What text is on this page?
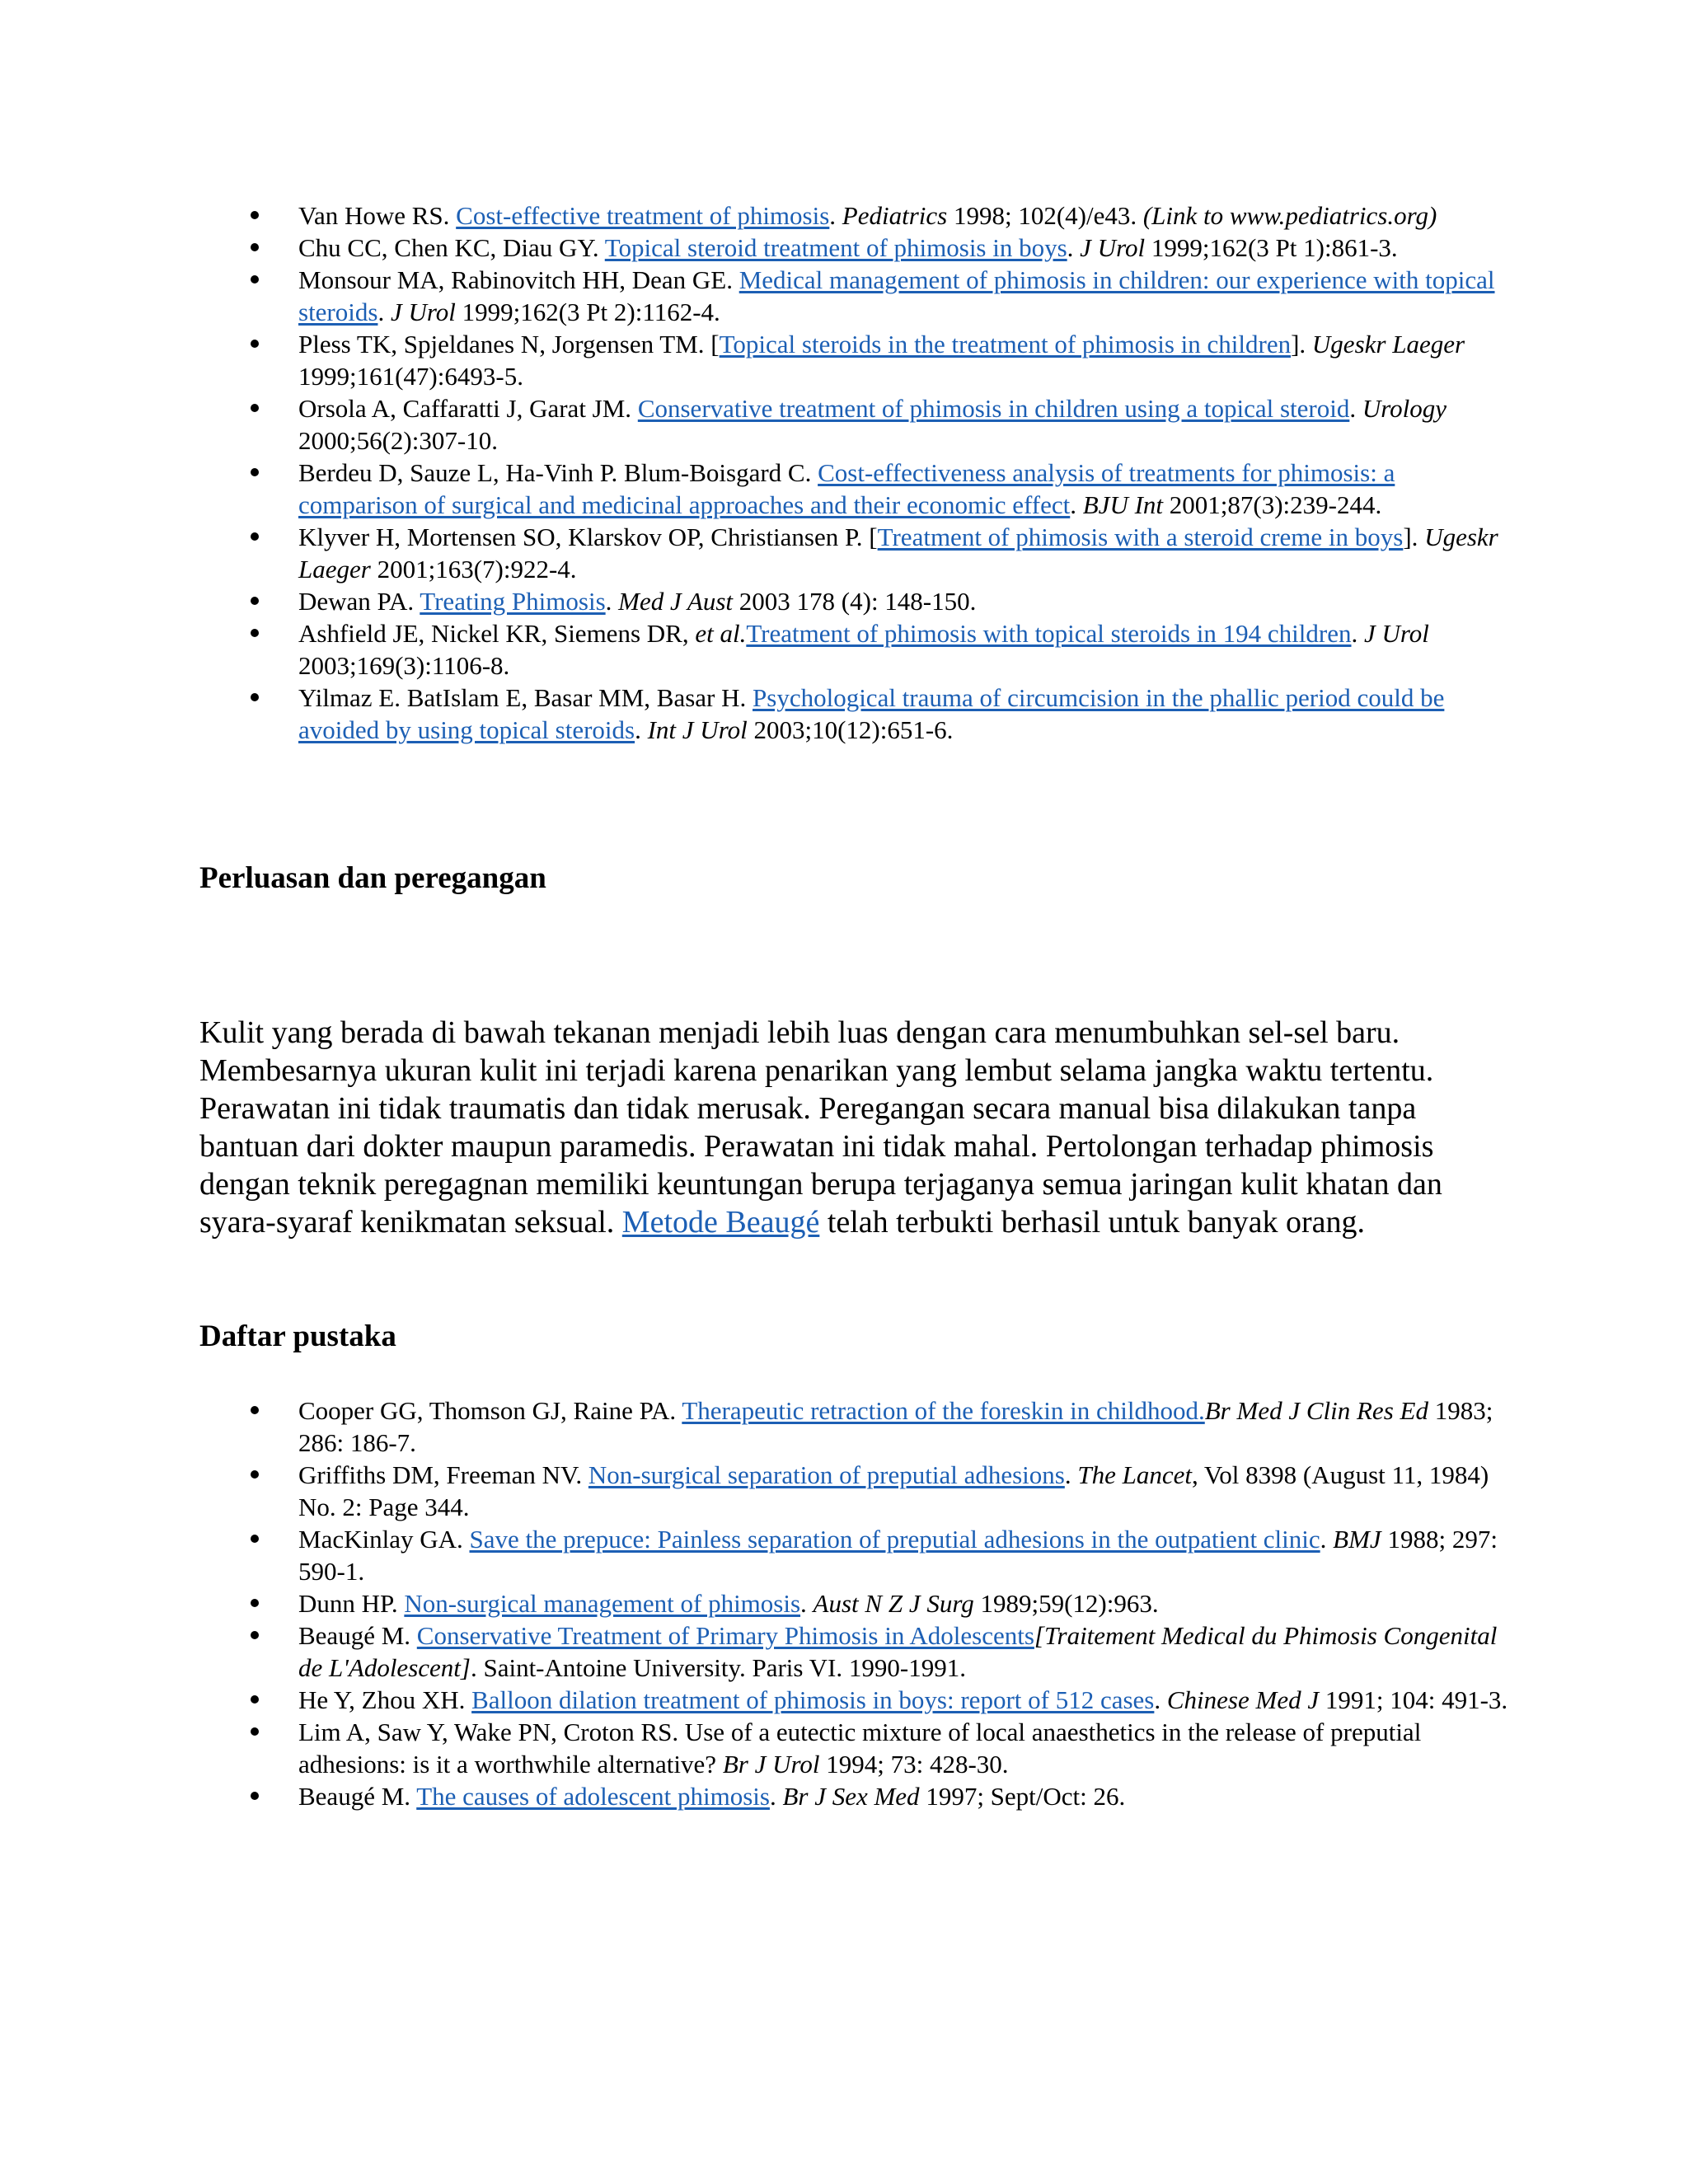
Van Howe RS. Cost-effective treatment of phimosis. Pediatrics 1998; 102(4)/e43. (Link to www.pediatrics.org)
Chu CC, Chen KC, Diau GY. Topical steroid treatment of phimosis in boys. J Urol 1999;162(3 Pt 1):861-3.
Monsour MA, Rabinovitch HH, Dean GE. Medical management of phimosis in children: our experience with topical steroids. J Urol 1999;162(3 Pt 2):1162-4.
Pless TK, Spjeldanes N, Jorgensen TM. [Topical steroids in the treatment of phimosis in children]. Ugeskr Laeger 1999;161(47):6493-5.
Orsola A, Caffaratti J, Garat JM. Conservative treatment of phimosis in children using a topical steroid. Urology 2000;56(2):307-10.
Berdeu D, Sauze L, Ha-Vinh P. Blum-Boisgard C. Cost-effectiveness analysis of treatments for phimosis: a comparison of surgical and medicinal approaches and their economic effect. BJU Int 2001;87(3):239-244.
Klyver H, Mortensen SO, Klarskov OP, Christiansen P. [Treatment of phimosis with a steroid creme in boys]. Ugeskr Laeger 2001;163(7):922-4.
Dewan PA. Treating Phimosis. Med J Aust 2003 178 (4): 148-150.
Ashfield JE, Nickel KR, Siemens DR, et al.Treatment of phimosis with topical steroids in 194 children. J Urol 2003;169(3):1106-8.
Yilmaz E. BatIslam E, Basar MM, Basar H. Psychological trauma of circumcision in the phallic period could be avoided by using topical steroids. Int J Urol 2003;10(12):651-6.
Perluasan dan peregangan

Kulit yang berada di bawah tekanan menjadi lebih luas dengan cara menumbuhkan sel-sel baru. Membesarnya ukuran kulit ini terjadi karena penarikan yang lembut selama jangka waktu tertentu. Perawatan ini tidak traumatis dan tidak merusak. Peregangan secara manual bisa dilakukan tanpa bantuan dari dokter maupun paramedis. Perawatan ini tidak mahal. Pertolongan terhadap phimosis dengan teknik peregagnan memiliki keuntungan berupa terjaganya semua jaringan kulit khatan dan syara-syaraf kenikmatan seksual. Metode Beaugé telah terbukti berhasil untuk banyak orang.

Daftar pustaka
Cooper GG, Thomson GJ, Raine PA. Therapeutic retraction of the foreskin in childhood.Br Med J Clin Res Ed 1983; 286: 186-7.
Griffiths DM, Freeman NV. Non-surgical separation of preputial adhesions. The Lancet, Vol 8398 (August 11, 1984) No. 2: Page 344.
MacKinlay GA. Save the prepuce: Painless separation of preputial adhesions in the outpatient clinic. BMJ 1988; 297: 590-1.
Dunn HP. Non-surgical management of phimosis. Aust N Z J Surg 1989;59(12):963.
Beaugé M. Conservative Treatment of Primary Phimosis in Adolescents[Traitement Medical du Phimosis Congenital de L'Adolescent]. Saint-Antoine University. Paris VI. 1990-1991.
He Y, Zhou XH. Balloon dilation treatment of phimosis in boys: report of 512 cases. Chinese Med J 1991; 104: 491-3.
Lim A, Saw Y, Wake PN, Croton RS. Use of a eutectic mixture of local anaesthetics in the release of preputial adhesions: is it a worthwhile alternative? Br J Urol 1994; 73: 428-30.
Beaugé M. The causes of adolescent phimosis. Br J Sex Med 1997; Sept/Oct: 26.
